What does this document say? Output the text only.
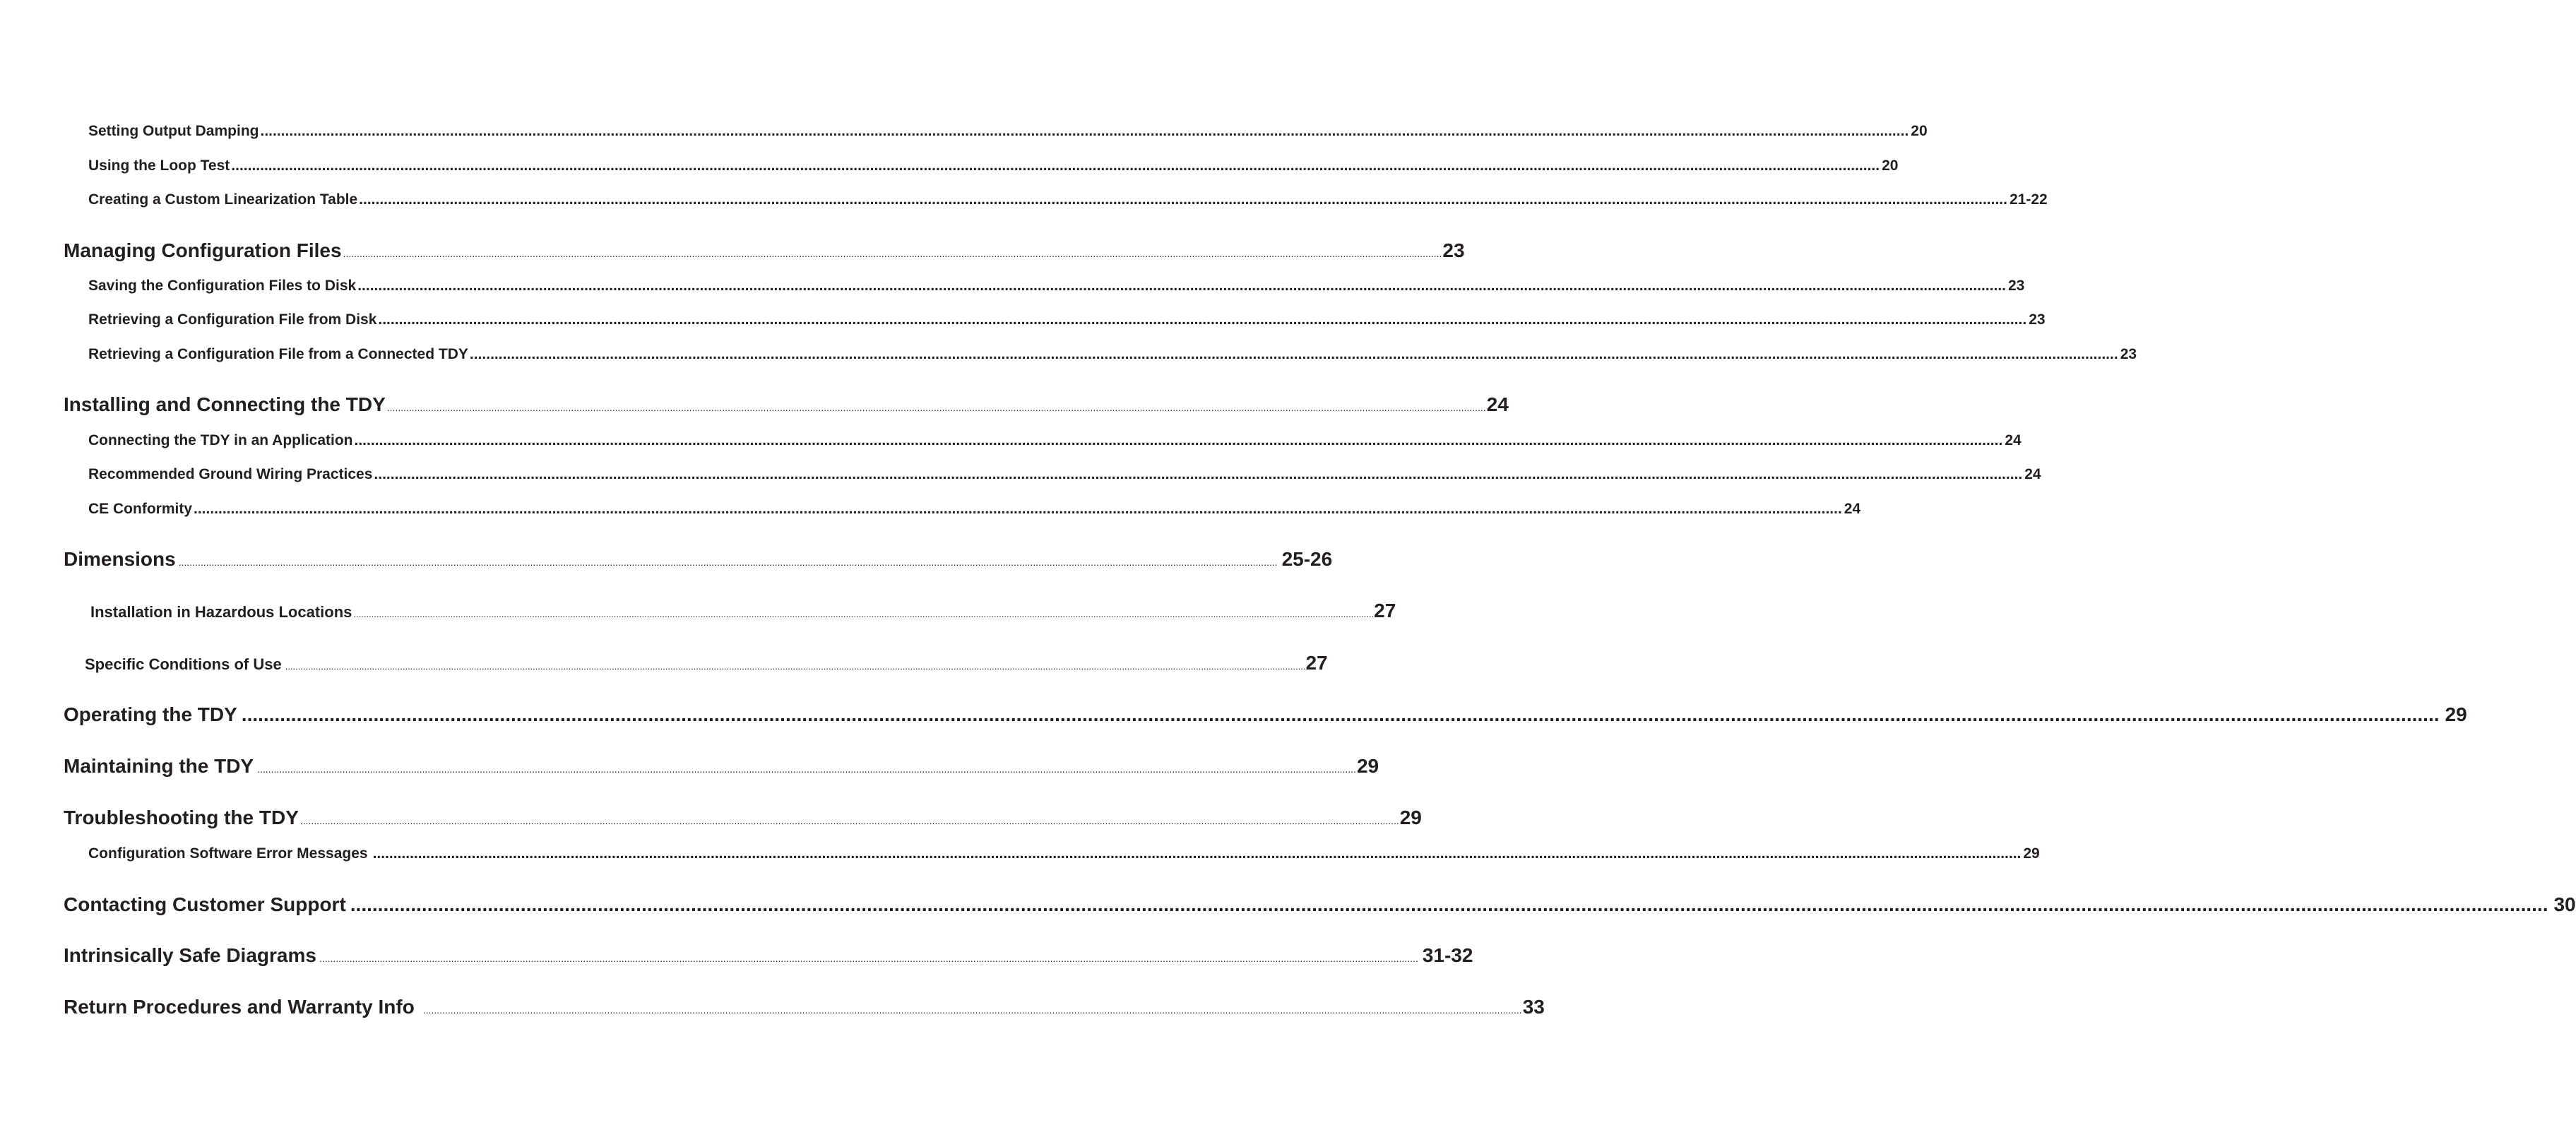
Setting Output Damping ................................................................................................................................................................................................................................................................................................................................................................................................................ 20
Using the Loop Test ................................................................................................................................................................................................................................................................................................................................................................................................................ 20
Creating a Custom Linearization Table ................................................................................................................................................................................................................................................................................................................................................................................................................ 21-22
Managing Configuration Files ................................................................................................................................................................................................................................................................................................................................................................................................................ 23
Saving the Configuration Files to Disk ................................................................................................................................................................................................................................................................................................................................................................................................................ 23
Retrieving a Configuration File from Disk ................................................................................................................................................................................................................................................................................................................................................................................................................ 23
Retrieving a Configuration File from a Connected TDY ................................................................................................................................................................................................................................................................................................................................................................................................................ 23
Installing and Connecting the TDY ................................................................................................................................................................................................................................................................................................................................................................................................................ 24
Connecting the TDY in an Application ................................................................................................................................................................................................................................................................................................................................................................................................................ 24
Recommended Ground Wiring Practices ................................................................................................................................................................................................................................................................................................................................................................................................................ 24
CE Conformity ................................................................................................................................................................................................................................................................................................................................................................................................................ 24
Dimensions ................................................................................................................................................................................................................................................................................................................................................................................................................ 25-26
Installation in Hazardous Locations ................................................................................................................................................................................................................................................................................................................................................................................................................ 27
Specific Conditions of Use ................................................................................................................................................................................................................................................................................................................................................................................................................ 27
Operating the TDY ................................................................................................................................................................................................................................................................................................................................................................................................................ 29
Maintaining the TDY ................................................................................................................................................................................................................................................................................................................................................................................................................ 29
Troubleshooting the TDY ................................................................................................................................................................................................................................................................................................................................................................................................................ 29
Configuration Software Error Messages ................................................................................................................................................................................................................................................................................................................................................................................................................ 29
Contacting Customer Support ................................................................................................................................................................................................................................................................................................................................................................................................................ 30
Intrinsically Safe Diagrams ................................................................................................................................................................................................................................................................................................................................................................................................................ 31-32
Return Procedures and Warranty Info ................................................................................................................................................................................................................................................................................................................................................................................................................ 33
